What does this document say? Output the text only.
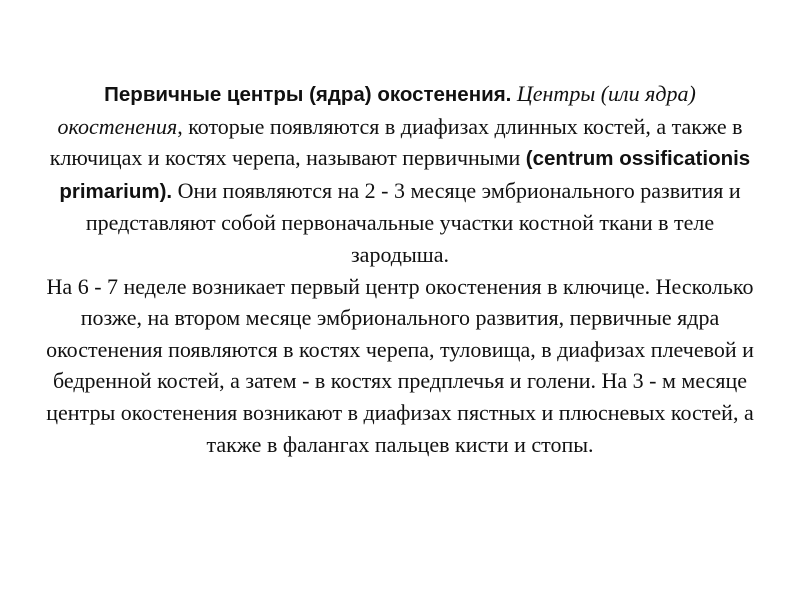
Первичные центры (ядра) окостенения. Центры (или ядра) окостенения, которые появляются в диафизах длинных костей, а также в ключицах и костях черепа, называют первичными (centrum ossificationis primarium). Они появляются на 2 - 3 месяце эмбрионального развития и представляют собой первоначальные участки костной ткани в теле зародыша.

На 6 - 7 неделе возникает первый центр окостенения в ключице. Несколько позже, на втором месяце эмбрионального развития, первичные ядра окостенения появляются в костях черепа, туловища, в диафизах плечевой и бедренной костей, а затем - в костях предплечья и голени. На 3 - м месяце центры окостенения возникают в диафизах пястных и плюсневых костей, а также в фалангах пальцев кисти и стопы.
